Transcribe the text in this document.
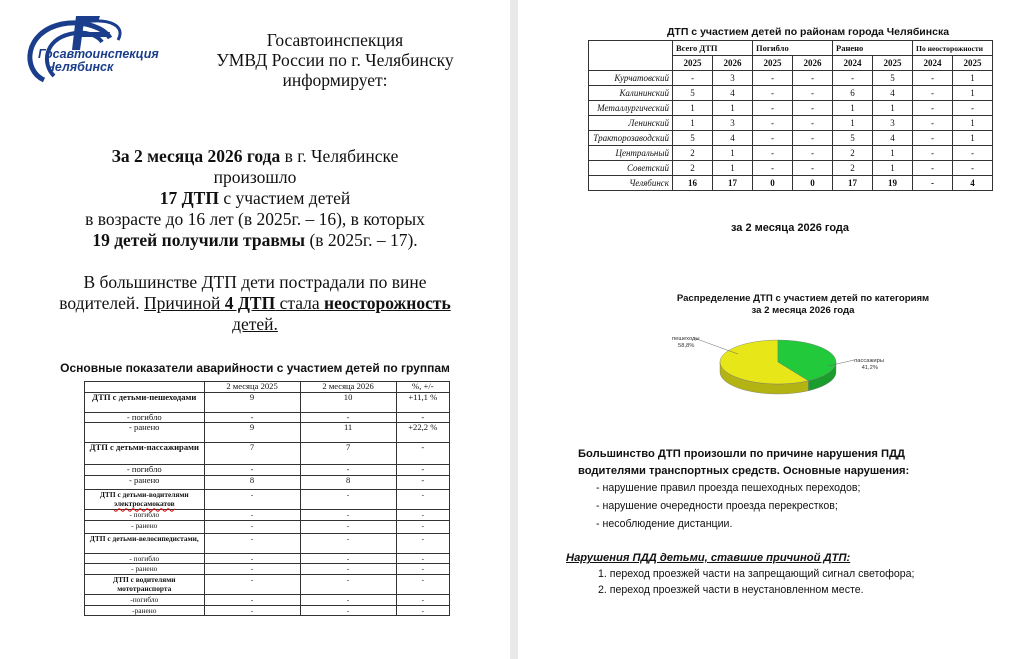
Госавтоинспекция
Челябинск
Госавтоинспекция
УМВД России по г. Челябинску
информирует:
За 2 месяца 2026 года в г. Челябинске
произошло
17 ДТП с участием детей
в возрасте до 16 лет (в 2025г. – 16), в которых
19 детей получили травмы (в 2025г. – 17).
В большинстве ДТП дети пострадали по вине
водителей. Причиной 4 ДТП стала неосторожность
детей.
Основные показатели аварийности с участием детей по группам
	2 месяца 2025	2 месяца 2026	%, +/-
ДТП с детьми-пешеходами	9	10	+11,1 %
- погибло	-	-	-
- ранено	9	11	+22,2 %
ДТП с детьми-пассажирами	7	7	-
- погибло	-	-	-
- ранено	8	8	-
ДТП с детьми-водителями
электросамокатов	-	-	-
- погибло	-	-	-
- ранено	-	-	-
ДТП с детьми-велосипедистами,	-	-	-
- погибло	-	-	-
- ранено	-	-	-
ДТП с водителями мототранспорта	-	-	-
-погибло	-	-	-
-ранено	-	-	-
ДТП с участием детей по районам города Челябинска
	Всего ДТП		Погибло		Ранено		По неосторожности	
	2025	2026	2025	2026	2024	2025	2024	2025
Курчатовский	-	3	-	-	-	5	-	1
Калининский	5	4	-	-	6	4	-	1
Металлургический	1	1	-	-	1	1	-	-
Ленинский	1	3	-	-	1	3	-	1
Тракторозаводский	5	4	-	-	5	4	-	1
Центральный	2	1	-	-	2	1	-	-
Советский	2	1	-	-	2	1	-	-
Челябинск	16	17	0	0	17	19	-	4
за 2 месяца 2026 года
Распределение ДТП с участием детей по категориям
за 2 месяца 2026 года
пешеходы
58,8%
пассажиры
41,2%
Большинство ДТП произошли по причине нарушения ПДД
водителями транспортных средств. Основные нарушения:
- нарушение правил проезда пешеходных переходов;
- нарушение очередности проезда перекрестков;
- несоблюдение дистанции.
Нарушения ПДД детьми, ставшие причиной ДТП:
1. переход проезжей части на запрещающий сигнал светофора;
2. переход проезжей части в неустановленном месте.
